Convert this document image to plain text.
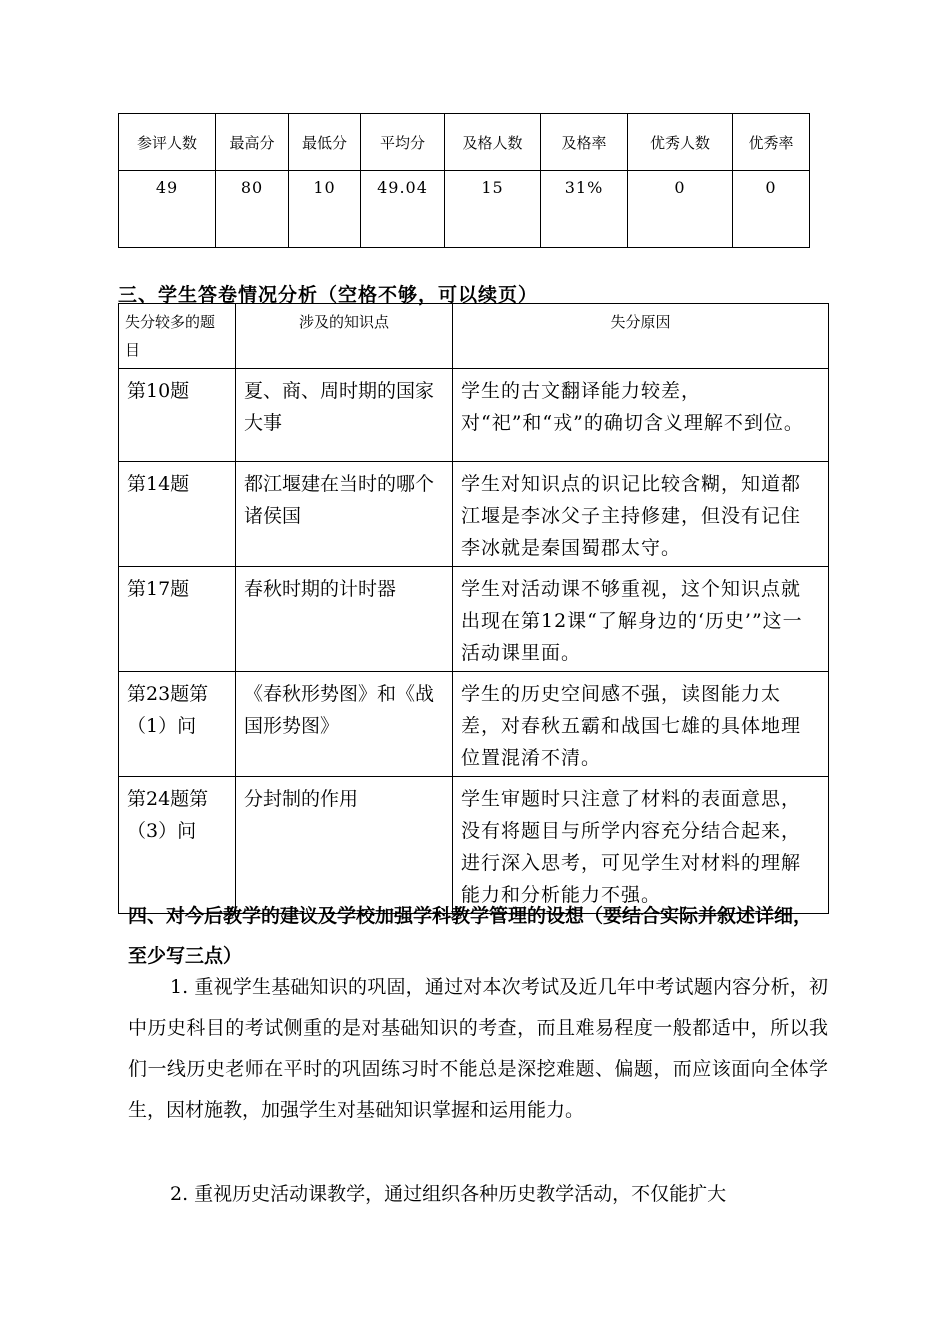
参评人数	最高分	最低分	平均分	及格人数	及格率	优秀人数	优秀率
49	80	10	49.04	15	31%	0	0

三、学生答卷情况分析（空格不够，可以续页）

失分较多的题目	涉及的知识点	失分原因
第10题	夏、商、周时期的国家大事	学生的古文翻译能力较差，对“祀”和“戎”的确切含义理解不到位。
第14题	都江堰建在当时的哪个诸侯国	学生对知识点的识记比较含糊，知道都江堰是李冰父子主持修建，但没有记住李冰就是秦国蜀郡太守。
第17题	春秋时期的计时器	学生对活动课不够重视，这个知识点就出现在第12课“了解身边的‘历史’”这一活动课里面。
第23题第（1）问	《春秋形势图》和《战国形势图》	学生的历史空间感不强，读图能力太差，对春秋五霸和战国七雄的具体地理位置混淆不清。
第24题第（3）问	分封制的作用	学生审题时只注意了材料的表面意思，没有将题目与所学内容充分结合起来，进行深入思考，可见学生对材料的理解能力和分析能力不强。

四、对今后教学的建议及学校加强学科教学管理的设想（要结合实际并叙述详细，至少写三点）

1. 重视学生基础知识的巩固，通过对本次考试及近几年中考试题内容分析，初中历史科目的考试侧重的是对基础知识的考查，而且难易程度一般都适中，所以我们一线历史老师在平时的巩固练习时不能总是深挖难题、偏题，而应该面向全体学生，因材施教，加强学生对基础知识掌握和运用能力。

2. 重视历史活动课教学，通过组织各种历史教学活动，不仅能扩大
